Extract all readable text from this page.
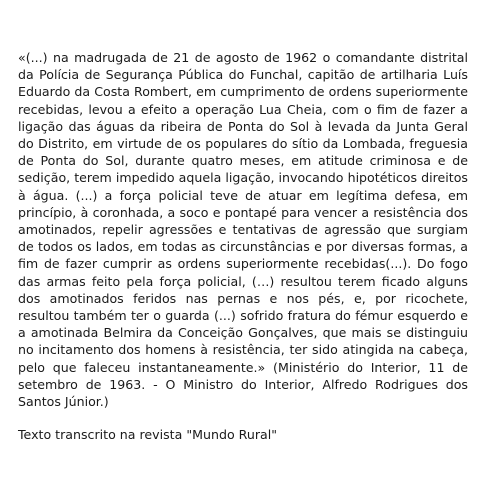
«(...) na madrugada de 21 de agosto de 1962 o comandante distrital da Polícia de Segurança Pública do Funchal, capitão de artilharia Luís Eduardo da Costa Rombert, em cumprimento de ordens superiormente recebidas, levou a efeito a operação Lua Cheia, com o fim de fazer a ligação das águas da ribeira de Ponta do Sol à levada da Junta Geral do Distrito, em virtude de os populares do sítio da Lombada, freguesia de Ponta do Sol, durante quatro meses, em atitude criminosa e de sedição, terem impedido aquela ligação, invocando hipotéticos direitos à água. (...) a força policial teve de atuar em legítima defesa, em princípio, à coronhada, a soco e pontapé para vencer a resistência dos amotinados, repelir agressões e tentativas de agressão que surgiam de todos os lados, em todas as circunstâncias e por diversas formas, a fim de fazer cumprir as ordens superiormente recebidas(...). Do fogo das armas feito pela força policial, (…) resultou terem ficado alguns dos amotinados feridos nas pernas e nos pés, e, por ricochete, resultou também ter o guarda (...) sofrido fratura do fémur esquerdo e a amotinada Belmira da Conceição Gonçalves, que mais se distinguiu no incitamento dos homens à resistência, ter sido atingida na cabeça, pelo que faleceu instantaneamente.» (Ministério do Interior, 11 de setembro de 1963. - O Ministro do Interior, Alfredo Rodrigues dos Santos Júnior.)

Texto transcrito na revista "Mundo Rural"
